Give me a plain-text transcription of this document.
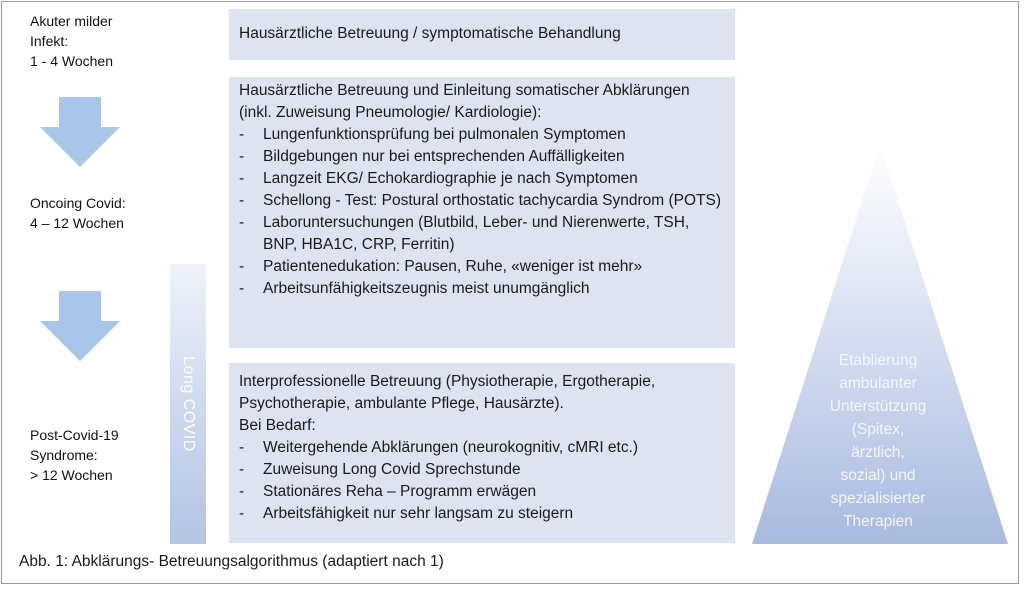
Akuter milder
Infekt:
1 - 4 Wochen
Oncoing Covid:
4 – 12 Wochen
Post-Covid-19
Syndrome:
> 12 Wochen
Long COVID

Hausärztliche Betreuung / symptomatische Behandlung

Hausärztliche Betreuung und Einleitung somatischer Abklärungen (inkl. Zuweisung Pneumologie/ Kardiologie):

- Lungenfunktionsprüfung bei pulmonalen Symptomen
- Bildgebungen nur bei entsprechenden Auffälligkeiten
- Langzeit EKG/ Echokardiographie je nach Symptomen
- Schellong - Test: Postural orthostatic tachycardia Syndrom (POTS)
- Laboruntersuchungen (Blutbild, Leber- und Nierenwerte, TSH, BNP, HBA1C, CRP, Ferritin)
- Patientenedukation: Pausen, Ruhe, «weniger ist mehr»
- Arbeitsunfähigkeitszeugnis meist unumgänglich

Interprofessionelle Betreuung (Physiotherapie, Ergotherapie, Psychotherapie, ambulante Pflege, Hausärzte).

Bei Bedarf:

- Weitergehende Abklärungen (neurokognitiv, cMRI etc.)
- Zuweisung Long Covid Sprechstunde
- Stationäres Reha – Programm erwägen
- Arbeitsfähigkeit nur sehr langsam zu steigern
Etablierung
ambulanter
Unterstützung
(Spitex,
ärztlich,
sozial) und
spezialisierter
Therapien
Abb. 1: Abklärungs- Betreuungsalgorithmus (adaptiert nach 1)
